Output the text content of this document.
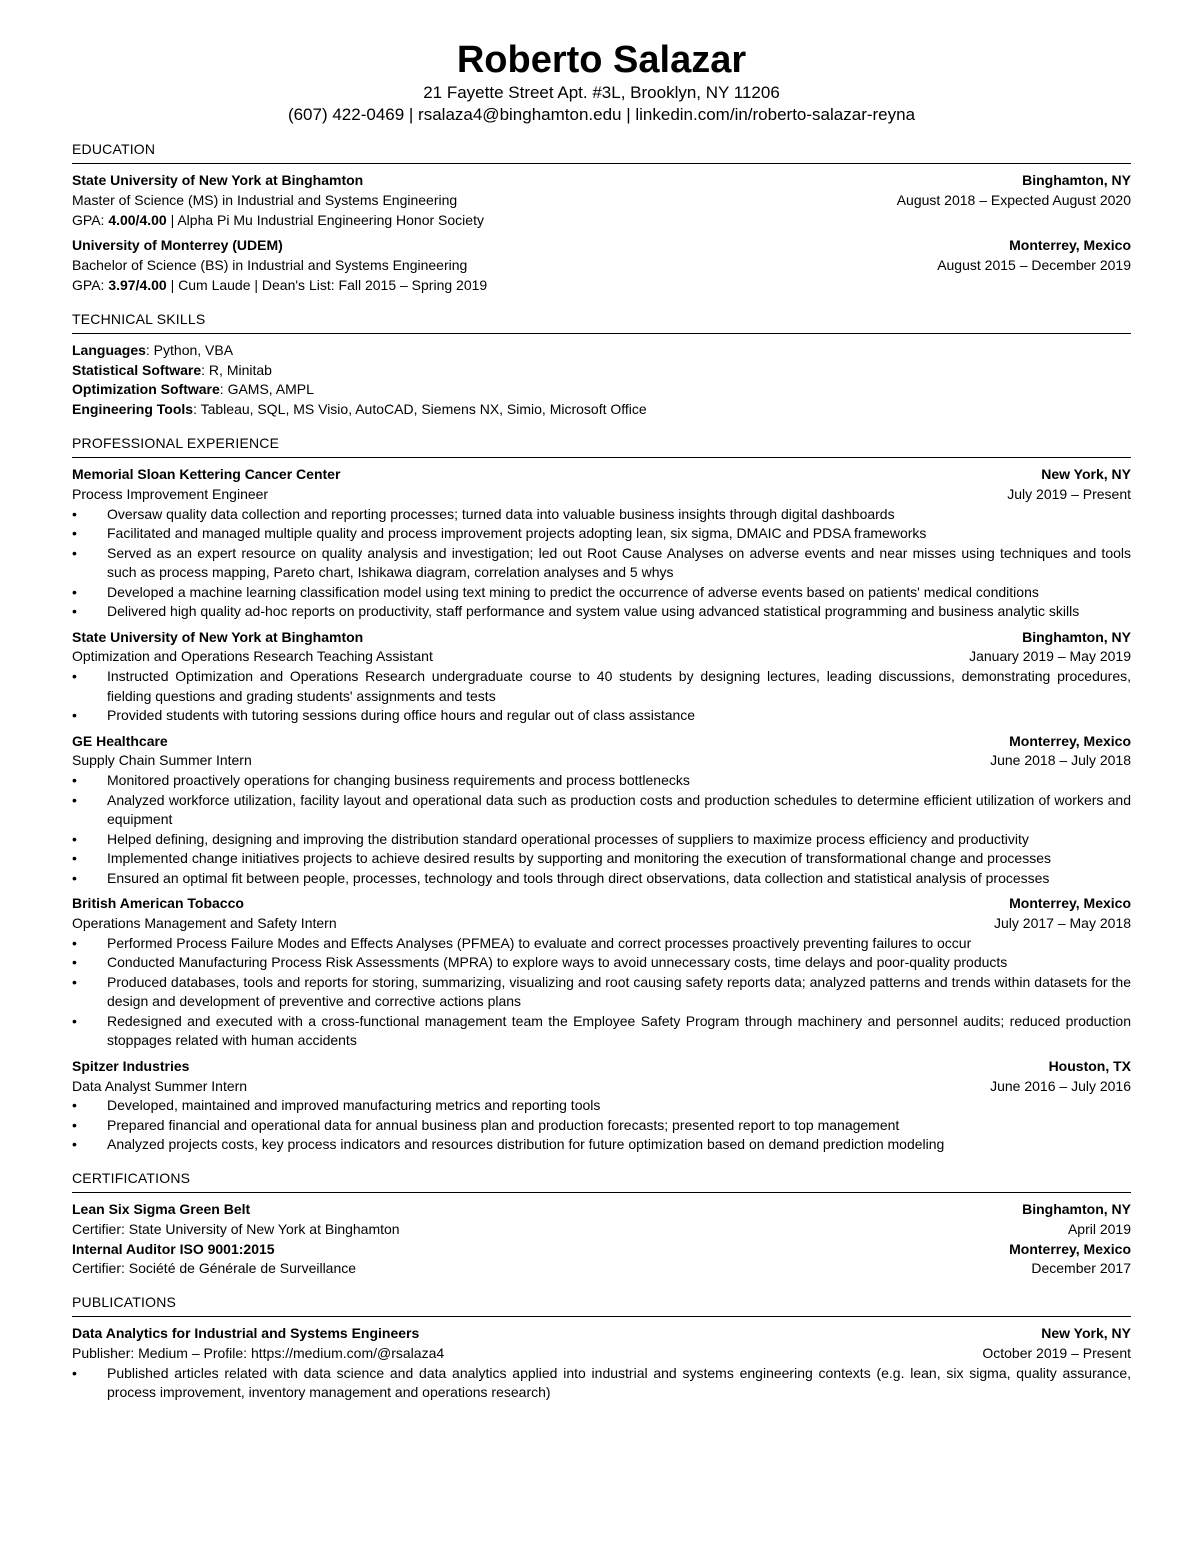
Roberto Salazar
21 Fayette Street Apt. #3L, Brooklyn, NY 11206
(607) 422-0469 | rsalaza4@binghamton.edu | linkedin.com/in/roberto-salazar-reyna
EDUCATION
State University of New York at Binghamton	Binghamton, NY
Master of Science (MS) in Industrial and Systems Engineering	August 2018 – Expected August 2020
GPA: 4.00/4.00 | Alpha Pi Mu Industrial Engineering Honor Society
University of Monterrey (UDEM)	Monterrey, Mexico
Bachelor of Science (BS) in Industrial and Systems Engineering	August 2015 – December 2019
GPA: 3.97/4.00 | Cum Laude | Dean's List: Fall 2015 – Spring 2019
TECHNICAL SKILLS
Languages: Python, VBA
Statistical Software: R, Minitab
Optimization Software: GAMS, AMPL
Engineering Tools: Tableau, SQL, MS Visio, AutoCAD, Siemens NX, Simio, Microsoft Office
PROFESSIONAL EXPERIENCE
Memorial Sloan Kettering Cancer Center	New York, NY
Process Improvement Engineer	July 2019 – Present
• Oversaw quality data collection and reporting processes; turned data into valuable business insights through digital dashboards
• Facilitated and managed multiple quality and process improvement projects adopting lean, six sigma, DMAIC and PDSA frameworks
• Served as an expert resource on quality analysis and investigation; led out Root Cause Analyses on adverse events and near misses using techniques and tools such as process mapping, Pareto chart, Ishikawa diagram, correlation analyses and 5 whys
• Developed a machine learning classification model using text mining to predict the occurrence of adverse events based on patients' medical conditions
• Delivered high quality ad-hoc reports on productivity, staff performance and system value using advanced statistical programming and business analytic skills
State University of New York at Binghamton	Binghamton, NY
Optimization and Operations Research Teaching Assistant	January 2019 – May 2019
• Instructed Optimization and Operations Research undergraduate course to 40 students by designing lectures, leading discussions, demonstrating procedures, fielding questions and grading students' assignments and tests
• Provided students with tutoring sessions during office hours and regular out of class assistance
GE Healthcare	Monterrey, Mexico
Supply Chain Summer Intern	June 2018 – July 2018
• Monitored proactively operations for changing business requirements and process bottlenecks
• Analyzed workforce utilization, facility layout and operational data such as production costs and production schedules to determine efficient utilization of workers and equipment
• Helped defining, designing and improving the distribution standard operational processes of suppliers to maximize process efficiency and productivity
• Implemented change initiatives projects to achieve desired results by supporting and monitoring the execution of transformational change and processes
• Ensured an optimal fit between people, processes, technology and tools through direct observations, data collection and statistical analysis of processes
British American Tobacco	Monterrey, Mexico
Operations Management and Safety Intern	July 2017 – May 2018
• Performed Process Failure Modes and Effects Analyses (PFMEA) to evaluate and correct processes proactively preventing failures to occur
• Conducted Manufacturing Process Risk Assessments (MPRA) to explore ways to avoid unnecessary costs, time delays and poor-quality products
• Produced databases, tools and reports for storing, summarizing, visualizing and root causing safety reports data; analyzed patterns and trends within datasets for the design and development of preventive and corrective actions plans
• Redesigned and executed with a cross-functional management team the Employee Safety Program through machinery and personnel audits; reduced production stoppages related with human accidents
Spitzer Industries	Houston, TX
Data Analyst Summer Intern	June 2016 – July 2016
• Developed, maintained and improved manufacturing metrics and reporting tools
• Prepared financial and operational data for annual business plan and production forecasts; presented report to top management
• Analyzed projects costs, key process indicators and resources distribution for future optimization based on demand prediction modeling
CERTIFICATIONS
Lean Six Sigma Green Belt	Binghamton, NY
Certifier: State University of New York at Binghamton	April 2019
Internal Auditor ISO 9001:2015	Monterrey, Mexico
Certifier: Société de Générale de Surveillance	December 2017
PUBLICATIONS
Data Analytics for Industrial and Systems Engineers	New York, NY
Publisher: Medium – Profile: https://medium.com/@rsalaza4	October 2019 – Present
• Published articles related with data science and data analytics applied into industrial and systems engineering contexts (e.g. lean, six sigma, quality assurance, process improvement, inventory management and operations research)
